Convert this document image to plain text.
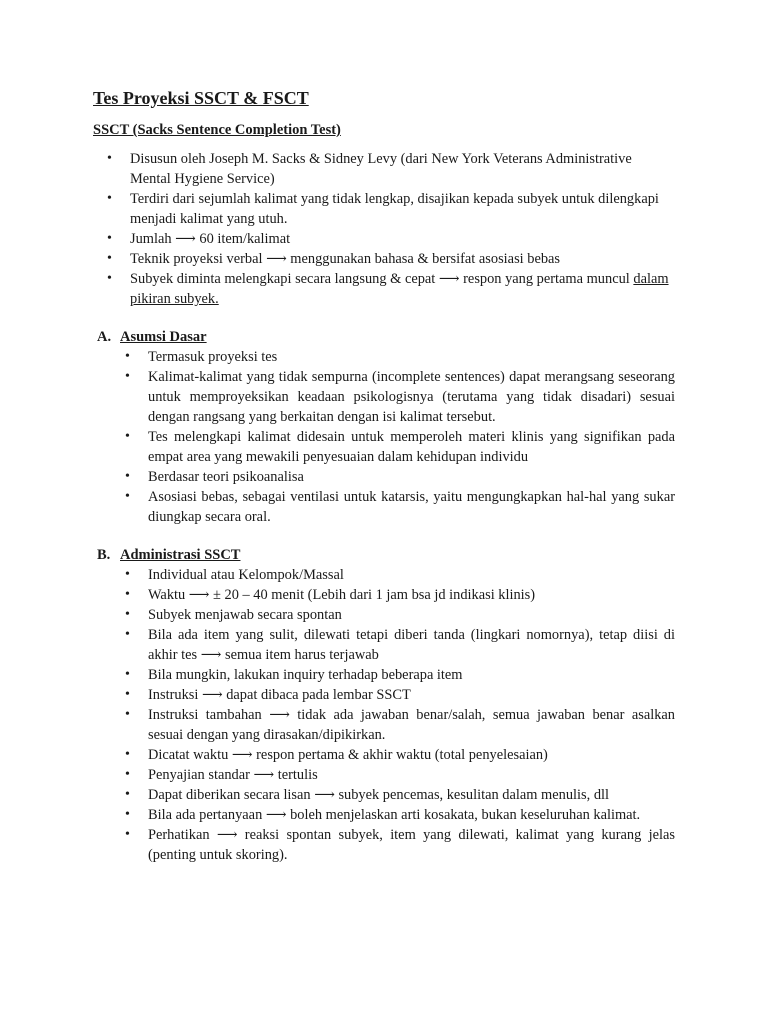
Tes Proyeksi SSCT & FSCT
SSCT (Sacks Sentence Completion Test)
• Disusun oleh Joseph M. Sacks & Sidney Levy (dari New York Veterans Administrative Mental Hygiene Service)
• Terdiri dari sejumlah kalimat yang tidak lengkap, disajikan kepada subyek untuk dilengkapi menjadi kalimat yang utuh.
• Jumlah ⟶ 60 item/kalimat
• Teknik proyeksi verbal ⟶ menggunakan bahasa & bersifat asosiasi bebas
• Subyek diminta melengkapi secara langsung & cepat ⟶ respon yang pertama muncul dalam pikiran subyek.
A. Asumsi Dasar
• Termasuk proyeksi tes
• Kalimat-kalimat yang tidak sempurna (incomplete sentences) dapat merangsang seseorang untuk memproyeksikan keadaan psikologisnya (terutama yang tidak disadari) sesuai dengan rangsang yang berkaitan dengan isi kalimat tersebut.
• Tes melengkapi kalimat didesain untuk memperoleh materi klinis yang signifikan pada empat area yang mewakili penyesuaian dalam kehidupan individu
• Berdasar teori psikoanalisa
• Asosiasi bebas, sebagai ventilasi untuk katarsis, yaitu mengungkapkan hal-hal yang sukar diungkap secara oral.
B. Administrasi SSCT
• Individual atau Kelompok/Massal
• Waktu ⟶ ± 20 – 40 menit (Lebih dari 1 jam bsa jd indikasi klinis)
• Subyek menjawab secara spontan
• Bila ada item yang sulit, dilewati tetapi diberi tanda (lingkari nomornya), tetap diisi di akhir tes ⟶ semua item harus terjawab
• Bila mungkin, lakukan inquiry terhadap beberapa item
• Instruksi ⟶ dapat dibaca pada lembar SSCT
• Instruksi tambahan ⟶ tidak ada jawaban benar/salah, semua jawaban benar asalkan sesuai dengan yang dirasakan/dipikirkan.
• Dicatat waktu ⟶ respon pertama & akhir waktu (total penyelesaian)
• Penyajian standar ⟶ tertulis
• Dapat diberikan secara lisan ⟶ subyek pencemas, kesulitan dalam menulis, dll
• Bila ada pertanyaan ⟶ boleh menjelaskan arti kosakata, bukan keseluruhan kalimat.
• Perhatikan ⟶ reaksi spontan subyek, item yang dilewati, kalimat yang kurang jelas (penting untuk skoring).
